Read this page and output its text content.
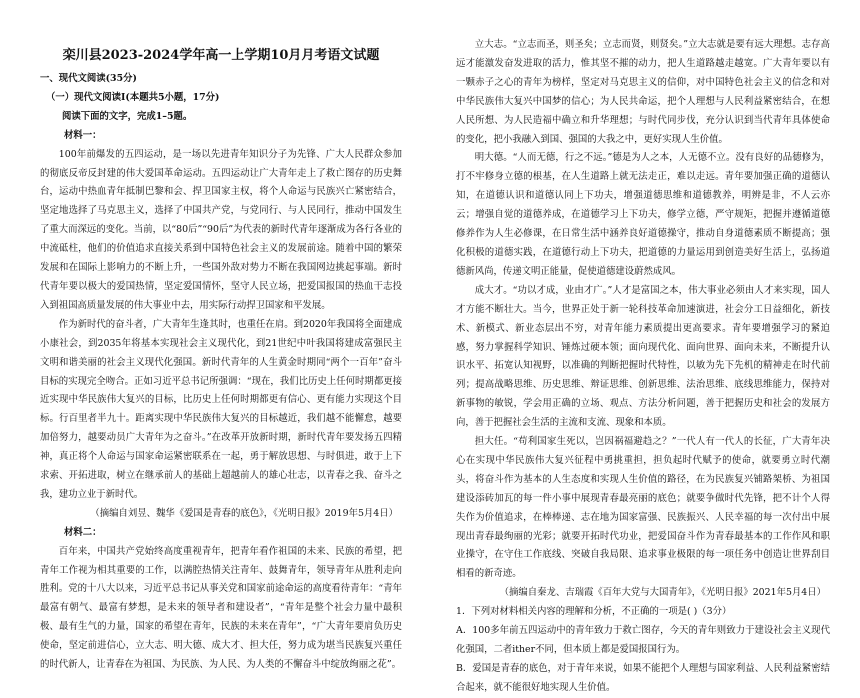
栾川县2023-2024学年高一上学期10月月考语文试题
一、现代文阅读(35分)
（一）现代文阅读I(本题共5小题，17分)
阅读下面的文字，完成1–5题。
材料一：

100年前爆发的五四运动，是一场以先进青年知识分子为先锋、广大人民群众参加的彻底反帝反封建的伟大爱国革命运动。五四运动让广大青年走上了救亡图存的历史舞台，运动中热血青年抵制巴黎和会、捍卫国家主权，将个人命运与民族兴亡紧密结合，坚定地选择了马克思主义，选择了中国共产党，与党同行、与人民同行，推动中国发生了重大而深远的变化。当前，以“80后”“90后”为代表的新时代青年逐渐成为各行各业的中流砥柱，他们的价值追求直接关系到中国特色社会主义的发展前途。随着中国的繁荣发展和在国际上影响力的不断上升，一些国外敌对势力不断在我国网边挑起事端。新时代青年要以极大的爱国热情，坚定爱国情怀，坚守人民立场，把爱国报国的热血干志投入到祖国高质量发展的伟大事业中去，用实际行动捍卫国家和平发展。

作为新时代的奋斗者，广大青年生逢其时，也重任在肩。到2020年我国将全面建成小康社会，到2035年将基本实现社会主义现代化，到21世纪中叶我国将建成富强民主文明和谐美丽的社会主义现代化强国。新时代青年的人生黄金时期同“两个一百年”奋斗目标的实现完全吻合。正如习近平总书记所强调：“现在，我们比历史上任何时期都更接近实现中华民族伟大复兴的目标，比历史上任何时期都更有信心、更有能力实现这个目标。行百里者半九十。距离实现中华民族伟大复兴的目标越近，我们越不能懈怠，越要加倍努力，越要动员广大青年为之奋斗。”在改革开放新时期，新时代青年要发扬五四精神，真正将个人命运与国家命运紧密联系在一起，勇于解放思想、与时俱进，敢于上下求索、开拓进取，树立在继承前人的基础上超越前人的雄心壮志，以青春之我、奋斗之我，建功立业于新时代。

（摘编自刘昱、魏华《爱国是青春的底色》，《光明日报》2019年5月4日）

材料二：

百年来，中国共产党始终高度重视青年，把青年看作祖国的未来、民族的希望，把青年工作视为相其重要的工作，以满腔热情关注青年、鼓舞青年，领导青年从胜利走向胜利。党的十八大以来，习近平总书记从事关党和国家前途命运的高度看待青年：“青年最富有朝气、最富有梦想，是未来的领导者和建设者”，“青年是整个社会力量中最积极、最有生气的力量，国家的希望在青年，民族的未来在青年”，“广大青年要肩负历史使命，坚定前进信心，立大志、明大德、成大才、担大任，努力成为堪当民族复兴重任的时代新人，让青春在为祖国、为民族、为人民、为人类的不懈奋斗中绽放绚丽之花”。

立大志。“立志而圣，则圣矣；立志而贤，则贤矣。”立大志就是要有远大理想。志存高远才能激发奋发进取的活力，惟其坚不摧的动力，把人生道路越走越宽。广大青年要以有一颗赤子之心的青年为榜样，坚定对马克思主义的信仰，对中国特色社会主义的信念和对中华民族伟大复兴中国梦的信心；为人民共命运，把个人理想与人民利益紧密结合，在想人民所想、为人民造福中确立和升华理想；与时代同步伐，充分认识到当代青年具体使命的变化，把小我融入到国、强国的大我之中，更好实现人生价值。

明大德。“人而无德，行之不远。”德是为人之本，人无德不立。没有良好的品德修为，打不牢修身立德的根基，在人生道路上就无法走正，难以走远。青年要加强正确的道德认知，在道德认识和道德认同上下功夫，增强道德思维和道德教养，明辨是非，不人云亦云；增强自觉的道德养成，在道德学习上下功夫，修学立德，严守规矩，把握并遵循道德修养作为人生必修课，在日常生活中涵养良好道德操守，推动自身道德素质不断提高；强化积极的道德实践，在道德行动上下功夫，把道德的力量运用到创造美好生活上，弘扬道德新风尚，传递文明正能量，促使道德建设蔚然成风。

成大才。“功以才成，业由才广。”人才是富国之本，伟大事业必须由人才来实现，国人才方能不断壮大。当今，世界正处于新一轮科技革命加速演进，社会分工日益细化，新技术、新模式、新业态层出不穷，对青年能力素质提出更高要求。青年要增强学习的紧迫感，努力掌握科学知识、锤炼过硬本领；面向现代化、面向世界、面向未来，不断提升认识水平、拓宽认知视野，以准确的判断把握时代特性，以敏为先下先机的精神走在时代前列；提高战略思维、历史思维、辩证思维、创新思维、法治思维、底线思维能力，保持对新事物的敏锐，学会用正确的立场、观点、方法分析问题，善于把握历史和社会的发展方向，善于把握社会生活的主流和支流、现象和本质。

担大任。“苟利国家生死以，岂因祸福避趋之？”一代人有一代人的长征，广大青年决心在实现中华民族伟大复兴征程中勇挑重担，担负起时代赋予的使命，就要勇立时代潮头，将奋斗作为基本的人生态度和实现人生价值的路径，在为民族复兴铺路架桥、为祖国建设添砖加瓦的每一件小事中展现青春最亮丽的底色；就要争做时代先锋，把不计个人得失作为价值追求，在棒棒递、志在地为国家富强、民族振兴、人民幸福的每一次付出中展现出青春最绚丽的光彩；就要开拓时代功业，把爱国奋斗作为青春最基本的工作作风和职业操守，在守住工作底线、突破自我局限、追求事业极限的每一项任务中创造让世界刮目相看的新奇迹。

（摘编自秦龙、吉瑞霞《百年大党与大国青年》，《光明日报》2021年5月4日）

1．下列对材料相关内容的理解和分析，不正确的一项是( )（3分）

A．100多年前五四运动中的青年致力于救亡图存，今天的青年则致力于建设社会主义现代化强国，二者ither不同，但本质上都是爱国报国行为。

B．爱国是青春的底色，对于青年来说，如果不能把个人理想与国家利益、人民利益紧密结合起来，就不能很好地实现人生价值。
